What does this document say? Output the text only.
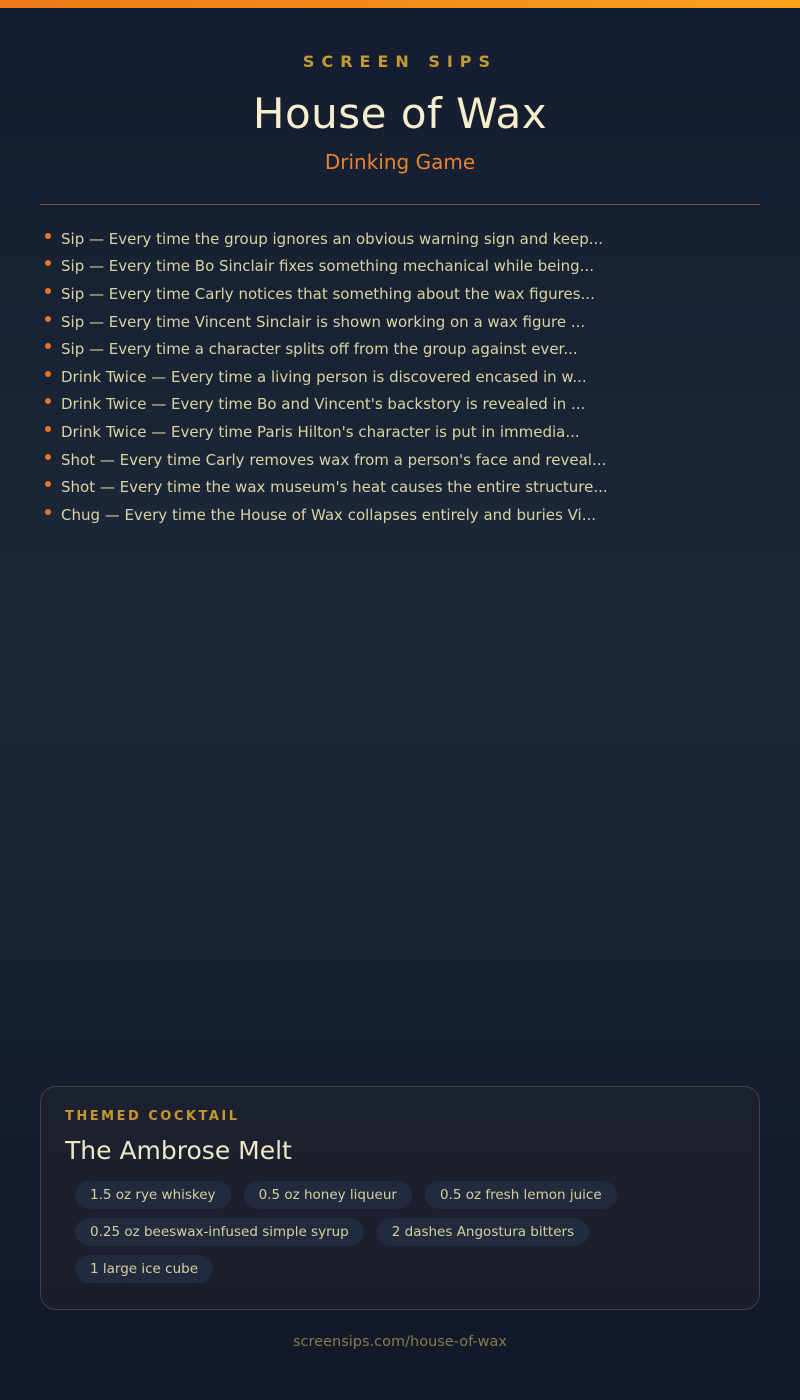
SCREEN SIPS
House of Wax
Drinking Game
Sip — Every time the group ignores an obvious warning sign and keep...
Sip — Every time Bo Sinclair fixes something mechanical while being...
Sip — Every time Carly notices that something about the wax figures...
Sip — Every time Vincent Sinclair is shown working on a wax figure ...
Sip — Every time a character splits off from the group against ever...
Drink Twice — Every time a living person is discovered encased in w...
Drink Twice — Every time Bo and Vincent's backstory is revealed in ...
Drink Twice — Every time Paris Hilton's character is put in immedia...
Shot — Every time Carly removes wax from a person's face and reveal...
Shot — Every time the wax museum's heat causes the entire structure...
Chug — Every time the House of Wax collapses entirely and buries Vi...
THEMED COCKTAIL
The Ambrose Melt
1.5 oz rye whiskey	0.5 oz honey liqueur	0.5 oz fresh lemon juice
0.25 oz beeswax-infused simple syrup	2 dashes Angostura bitters
1 large ice cube
screensips.com/house-of-wax
